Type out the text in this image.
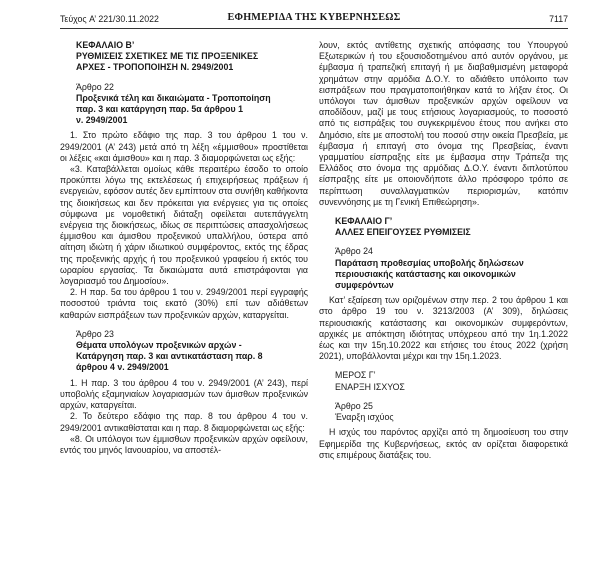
Τεύχος A’ 221/30.11.2022	ΕΦΗΜΕΡΙΔΑ ΤΗΣ ΚΥΒΕΡΝΗΣΕΩΣ	7117
ΚΕΦΑΛΑΙΟ Β’
ΡΥΘΜΙΣΕΙΣ ΣΧΕΤΙΚΕΣ ΜΕ ΤΙΣ ΠΡΟΞΕΝΙΚΕΣ
ΑΡΧΕΣ - ΤΡΟΠΟΠΟΙΗΣΗ Ν. 2949/2001
Άρθρο 22
Προξενικά τέλη και δικαιώματα - Τροποποίηση
παρ. 3 και κατάργηση παρ. 5α άρθρου 1
ν. 2949/2001

1. Στο πρώτο εδάφιο της παρ. 3 του άρθρου 1 του ν. 2949/2001 (Α’ 243) μετά από τη λέξη «έμμισθου» προστίθεται οι λέξεις «και άμισθου» και η παρ. 3 διαμορφώνεται ως εξής:

«3. Καταβάλλεται ομοίως κάθε περαιτέρω έσοδο το οποίο προκύπτει λόγω της εκτελέσεως ή επιχειρήσεως πράξεων ή ενεργειών, εφόσον αυτές δεν εμπίπτουν στα συνήθη καθήκοντα της διοικήσεως και δεν πρόκειται για ενέργειες για τις οποίες σύμφωνα με νομοθετική διάταξη οφείλεται αυτεπάγγελτη ενέργεια της διοικήσεως, ιδίως σε περιπτώσεις απασχολήσεως έμμισθου και άμισθου προξενικού υπαλλήλου, ύστερα από αίτηση ιδιώτη ή χάριν ιδιωτικού συμφέροντος, εκτός της έδρας της προξενικής αρχής ή του προξενικού γραφείου ή εκτός του ωραρίου εργασίας. Τα δικαιώματα αυτά επιστράφονται για λογαριασμό του Δημοσίου».

2. Η παρ. 5α του άρθρου 1 του ν. 2949/2001 περί εγγραφής ποσοστού τριάντα τοις εκατό (30%) επί των αδιάθετων καθαρών εισπράξεων των προξενικών αρχών, καταργείται.

Άρθρο 23
Θέματα υπολόγων προξενικών αρχών -
Κατάργηση παρ. 3 και αντικατάσταση παρ. 8
άρθρου 4 ν. 2949/2001

1. Η παρ. 3 του άρθρου 4 του ν. 2949/2001 (Α’ 243), περί υποβολής εξαμηνιαίων λογαριασμών των άμισθων προξενικών αρχών, καταργείται.

2. Το δεύτερο εδάφιο της παρ. 8 του άρθρου 4 του ν. 2949/2001 αντικαθίσταται και η παρ. 8 διαμορφώνεται ως εξής:

«8. Οι υπόλογοι των έμμισθων προξενικών αρχών οφείλουν, εντός του μηνός Ιανουαρίου, να αποστέλ-

λουν, εκτός αντίθετης σχετικής απόφασης του Υπουργού Εξωτερικών ή του εξουσιοδοτημένου από αυτόν οργάνου, με έμβασμα ή τραπεζική επιταγή ή με διαβαθμισμένη μεταφορά χρημάτων στην αρμόδια Δ.Ο.Υ. το αδιάθετο υπόλοιπο των εισπράξεων που πραγματοποιήθηκαν κατά το λήξαν έτος. Οι υπόλογοι των άμισθων προξενικών αρχών οφείλουν να αποδίδουν, μαζί με τους ετήσιους λογαριασμούς, το ποσοστό από τις εισπράξεις του συγκεκριμένου έτους που ανήκει στο Δημόσιο, είτε με αποστολή του ποσού στην οικεία Πρεσβεία, με έμβασμα ή επιταγή στο όνομα της Πρεσβείας, έναντι γραμματίου είσπραξης είτε με έμβασμα στην Τράπεζα της Ελλάδος στο όνομα της αρμόδιας Δ.Ο.Υ. έναντι διπλοτύπου είσπραξης είτε με οποιονδήποτε άλλο πρόσφορο τρόπο σε περίπτωση συναλλαγματικών περιορισμών, κατόπιν συνεννόησης με τη Γενική Επιθεώρηση».

ΚΕΦΑΛΑΙΟ Γ’
ΑΛΛΕΣ ΕΠΕΙΓΟΥΣΕΣ ΡΥΘΜΙΣΕΙΣ
Άρθρο 24
Παράταση προθεσμίας υποβολής δηλώσεων
περιουσιακής κατάστασης και οικονομικών
συμφερόντων

Κατ’ εξαίρεση των οριζομένων στην περ. 2 του άρθρου 1 και στο άρθρο 19 του ν. 3213/2003 (Α’ 309), δηλώσεις περιουσιακής κατάστασης και οικονομικών συμφερόντων, αρχικές με απόκτηση ιδιότητας υπόχρεου από την 1η.1.2022 έως και την 15η.10.2022 και ετήσιες του έτους 2022 (χρήση 2021), υποβάλλονται μέχρι και την 15η.1.2023.

ΜΕΡΟΣ Γ’
ΕΝΑΡΞΗ ΙΣΧΥΟΣ
Άρθρο 25
Έναρξη ισχύος

Η ισχύς του παρόντος αρχίζει από τη δημοσίευση του στην Εφημερίδα της Κυβερνήσεως, εκτός αν ορίζεται διαφορετικά στις επιμέρους διατάξεις του.
